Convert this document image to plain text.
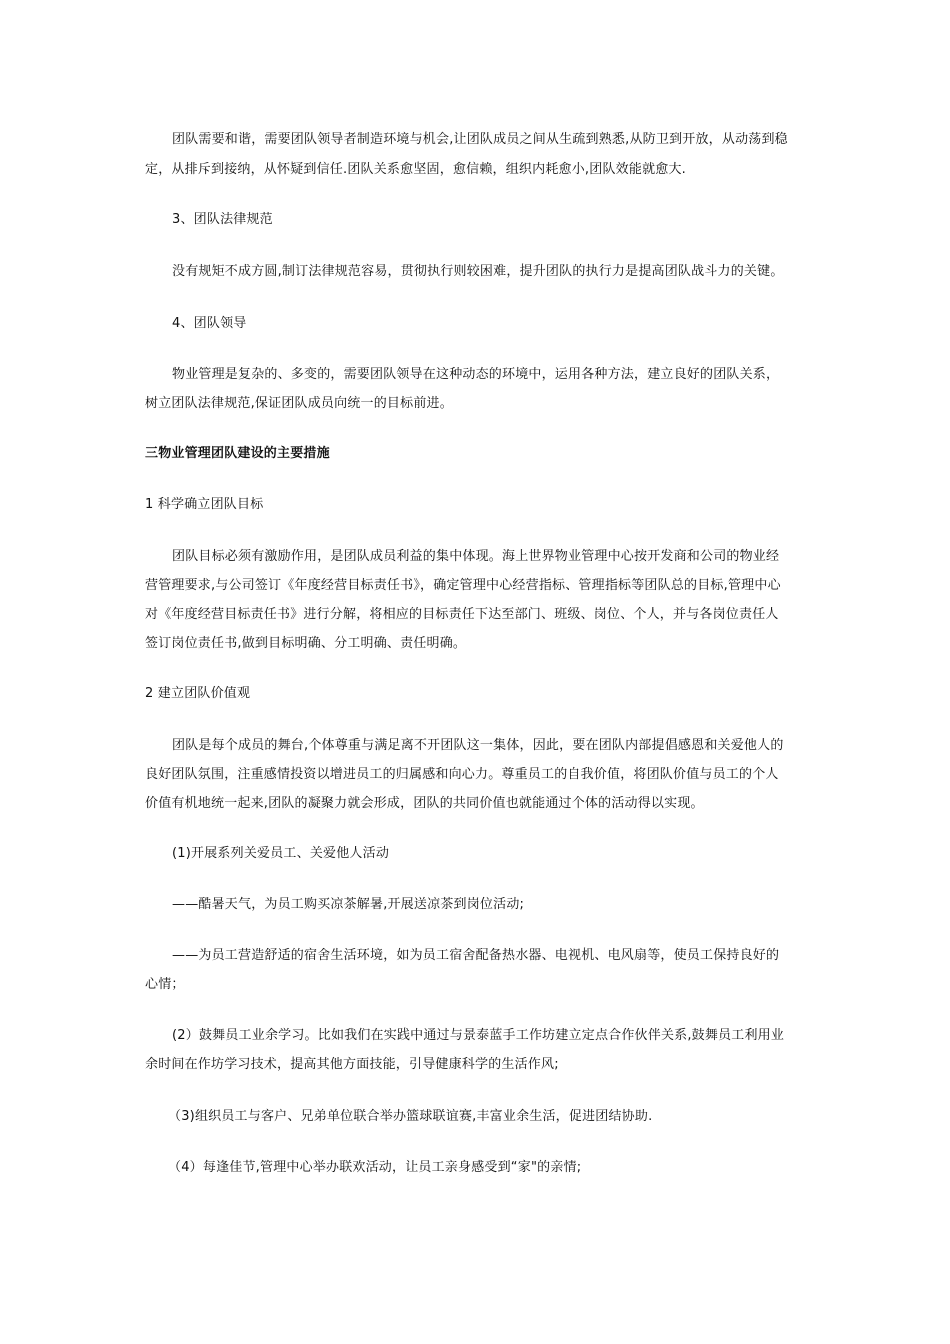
团队需要和谐，需要团队领导者制造环境与机会,让团队成员之间从生疏到熟悉,从防卫到开放，从动荡到稳
定，从排斥到接纳，从怀疑到信任.团队关系愈坚固，愈信赖，组织内耗愈小,团队效能就愈大.
3、团队法律规范
没有规矩不成方圆,制订法律规范容易，贯彻执行则较困难，提升团队的执行力是提高团队战斗力的关键。
4、团队领导
物业管理是复杂的、多变的，需要团队领导在这种动态的环境中，运用各种方法，建立良好的团队关系，
树立团队法律规范,保证团队成员向统一的目标前进。
三物业管理团队建设的主要措施
1 科学确立团队目标
团队目标必须有激励作用，是团队成员利益的集中体现。海上世界物业管理中心按开发商和公司的物业经
营管理要求,与公司签订《年度经营目标责任书》，确定管理中心经营指标、管理指标等团队总的目标,管理中心
对《年度经营目标责任书》进行分解，将相应的目标责任下达至部门、班级、岗位、个人，并与各岗位责任人
签订岗位责任书,做到目标明确、分工明确、责任明确。
2 建立团队价值观
团队是每个成员的舞台,个体尊重与满足离不开团队这一集体，因此，要在团队内部提倡感恩和关爱他人的
良好团队氛围，注重感情投资以增进员工的归属感和向心力。尊重员工的自我价值，将团队价值与员工的个人
价值有机地统一起来,团队的凝聚力就会形成，团队的共同价值也就能通过个体的活动得以实现。
(1)开展系列关爱员工、关爱他人活动
——酷暑天气，为员工购买凉茶解暑,开展送凉茶到岗位活动;
——为员工营造舒适的宿舍生活环境，如为员工宿舍配备热水器、电视机、电风扇等，使员工保持良好的
心情；
(2）鼓舞员工业余学习。比如我们在实践中通过与景泰蓝手工作坊建立定点合作伙伴关系,鼓舞员工利用业
余时间在作坊学习技术，提高其他方面技能，引导健康科学的生活作风;
（3)组织员工与客户、兄弟单位联合举办篮球联谊赛,丰富业余生活，促进团结协助.
（4）每逢佳节,管理中心举办联欢活动，让员工亲身感受到“家"的亲情;
